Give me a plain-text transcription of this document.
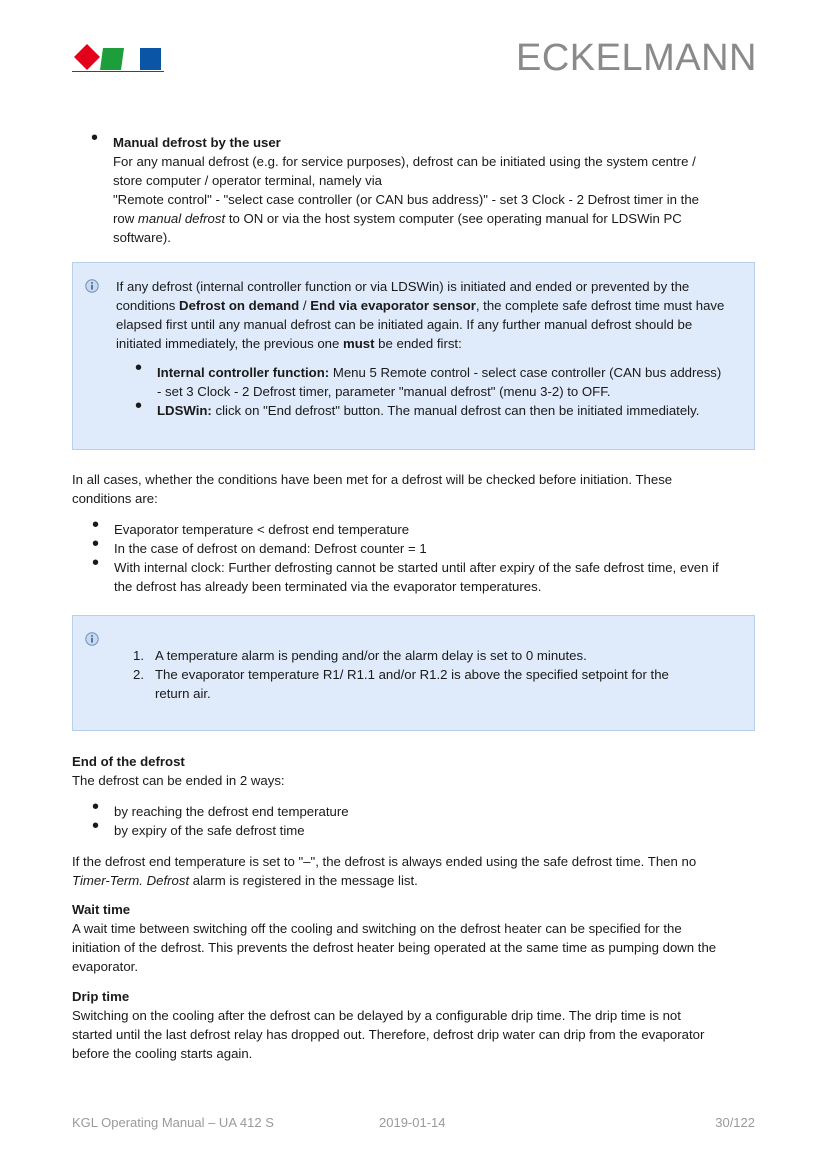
ECKELMANN
• Manual defrost by the user
For any manual defrost (e.g. for service purposes), defrost can be initiated using the system centre /
store computer / operator terminal, namely via
"Remote control" - "select case controller (or CAN bus address)" - set 3 Clock - 2 Defrost timer in the
row manual defrost to ON or via the host system computer (see operating manual for LDSWin PC
software).
If any defrost (internal controller function or via LDSWin) is initiated and ended or prevented by the
conditions Defrost on demand / End via evaporator sensor, the complete safe defrost time must have
elapsed first until any manual defrost can be initiated again. If any further manual defrost should be
initiated immediately, the previous one must be ended first:
• Internal controller function: Menu 5 Remote control - select case controller (CAN bus address)
- set 3 Clock - 2 Defrost timer, parameter "manual defrost" (menu 3-2) to OFF.
• LDSWin: click on "End defrost" button. The manual defrost can then be initiated immediately.
In all cases, whether the conditions have been met for a defrost will be checked before initiation. These
conditions are:
• Evaporator temperature < defrost end temperature
• In the case of defrost on demand: Defrost counter = 1
• With internal clock: Further defrosting cannot be started until after expiry of the safe defrost time, even if
the defrost has already been terminated via the evaporator temperatures.
1. A temperature alarm is pending and/or the alarm delay is set to 0 minutes.
2. The evaporator temperature R1/ R1.1 and/or R1.2 is above the specified setpoint for the
return air.
End of the defrost
The defrost can be ended in 2 ways:
• by reaching the defrost end temperature
• by expiry of the safe defrost time
If the defrost end temperature is set to "–", the defrost is always ended using the safe defrost time. Then no
Timer-Term. Defrost alarm is registered in the message list.
Wait time
A wait time between switching off the cooling and switching on the defrost heater can be specified for the
initiation of the defrost. This prevents the defrost heater being operated at the same time as pumping down the
evaporator.
Drip time
Switching on the cooling after the defrost can be delayed by a configurable drip time. The drip time is not
started until the last defrost relay has dropped out. Therefore, defrost drip water can drip from the evaporator
before the cooling starts again.
KGL Operating Manual – UA 412 S	2019-01-14	30/122
